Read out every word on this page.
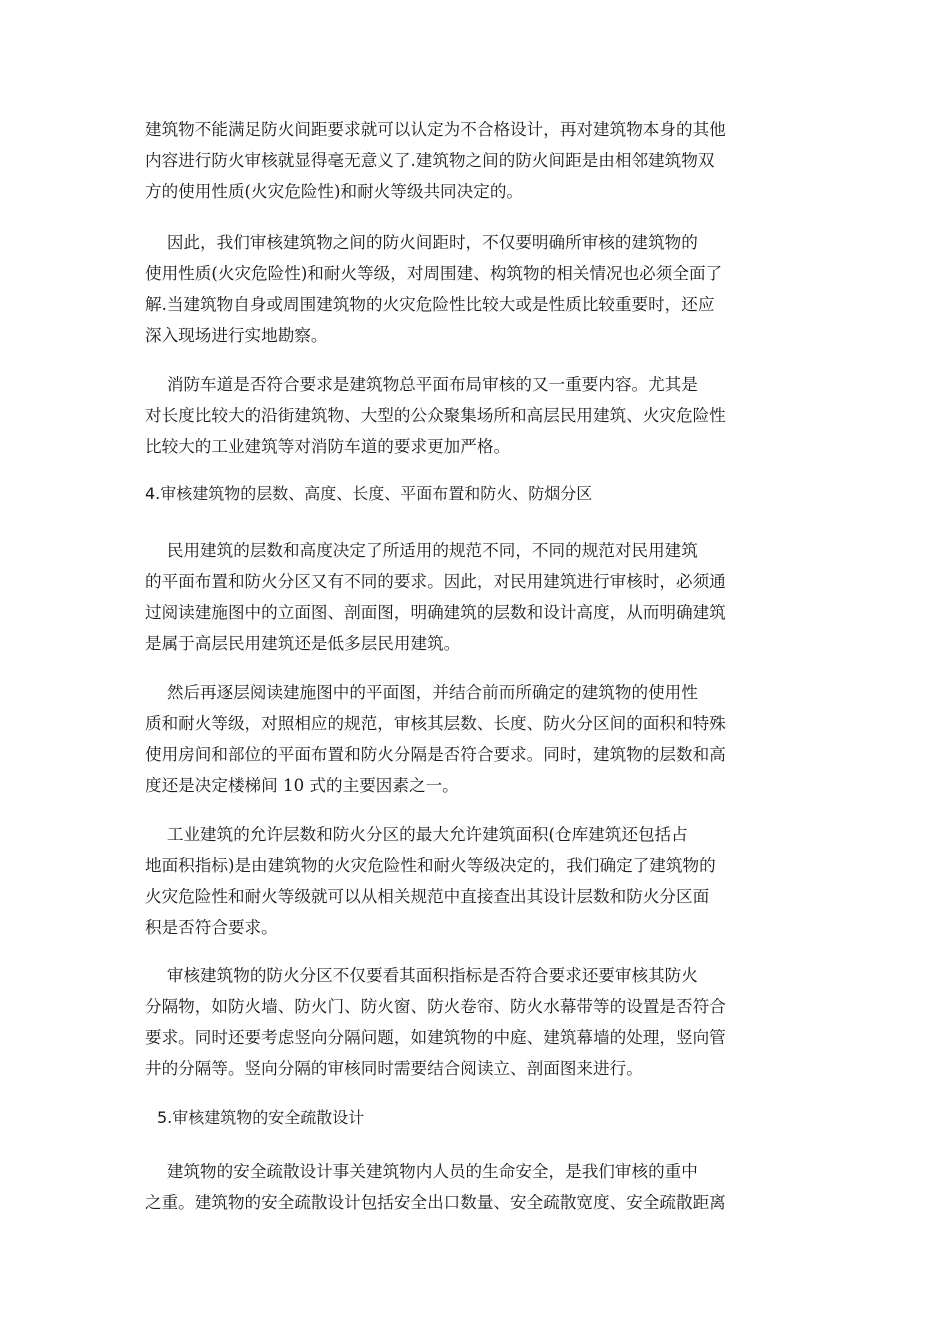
建筑物不能满足防火间距要求就可以认定为不合格设计，再对建筑物本身的其他
内容进行防火审核就显得毫无意义了.建筑物之间的防火间距是由相邻建筑物双
方的使用性质(火灾危险性)和耐火等级共同决定的。
　 因此，我们审核建筑物之间的防火间距时，不仅要明确所审核的建筑物的
使用性质(火灾危险性)和耐火等级，对周围建、构筑物的相关情况也必须全面了
解.当建筑物自身或周围建筑物的火灾危险性比较大或是性质比较重要时，还应
深入现场进行实地勘察。
　 消防车道是否符合要求是建筑物总平面布局审核的又一重要内容。尤其是
对长度比较大的沿街建筑物、大型的公众聚集场所和高层民用建筑、火灾危险性
比较大的工业建筑等对消防车道的要求更加严格。
4.审核建筑物的层数、高度、长度、平面布置和防火、防烟分区
　 民用建筑的层数和高度决定了所适用的规范不同，不同的规范对民用建筑
的平面布置和防火分区又有不同的要求。因此，对民用建筑进行审核时，必须通
过阅读建施图中的立面图、剖面图，明确建筑的层数和设计高度，从而明确建筑
是属于高层民用建筑还是低多层民用建筑。
　 然后再逐层阅读建施图中的平面图，并结合前而所确定的建筑物的使用性
质和耐火等级，对照相应的规范，审核其层数、长度、防火分区间的面积和特殊
使用房间和部位的平面布置和防火分隔是否符合要求。同时，建筑物的层数和高
度还是决定楼梯间 10 式的主要因素之一。
　 工业建筑的允许层数和防火分区的最大允许建筑面积(仓库建筑还包括占
地面积指标)是由建筑物的火灾危险性和耐火等级决定的，我们确定了建筑物的
火灾危险性和耐火等级就可以从相关规范中直接查出其设计层数和防火分区面
积是否符合要求。
　 审核建筑物的防火分区不仅要看其面积指标是否符合要求还要审核其防火
分隔物，如防火墙、防火门、防火窗、防火卷帘、防火水幕带等的设置是否符合
要求。同时还要考虑竖向分隔问题，如建筑物的中庭、建筑幕墙的处理，竖向管
井的分隔等。竖向分隔的审核同时需要结合阅读立、剖面图来进行。
5.审核建筑物的安全疏散设计
　 建筑物的安全疏散设计事关建筑物内人员的生命安全，是我们审核的重中
之重。建筑物的安全疏散设计包括安全出口数量、安全疏散宽度、安全疏散距离
